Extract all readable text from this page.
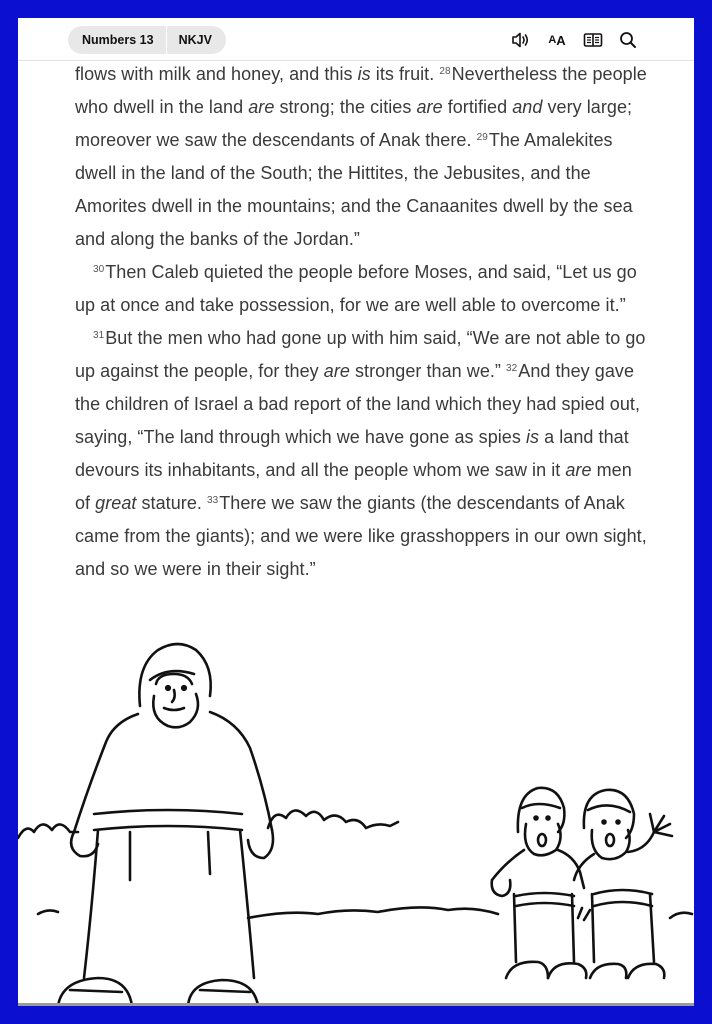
Numbers 13	NKJV	A A

flows with milk and honey, and this is its fruit. $^{28}$Nevertheless the people who dwell in the land are strong; the cities are fortified and very large; moreover we saw the descendants of Anak there. $^{29}$The Amalekites dwell in the land of the South; the Hittites, the Jebusites, and the Amorites dwell in the mountains; and the Canaanites dwell by the sea and along the banks of the Jordan.”

$^{30}$Then Caleb quieted the people before Moses, and said, “Let us go up at once and take possession, for we are well able to overcome it.”

$^{31}$But the men who had gone up with him said, “We are not able to go up against the people, for they are stronger than we.” $^{32}$And they gave the children of Israel a bad report of the land which they had spied out, saying, “The land through which we have gone as spies is a land that devours its inhabitants, and all the people whom we saw in it are men of great stature. $^{33}$There we saw the giants (the descendants of Anak came from the giants); and we were like grasshoppers in our own sight, and so we were in their sight.”
